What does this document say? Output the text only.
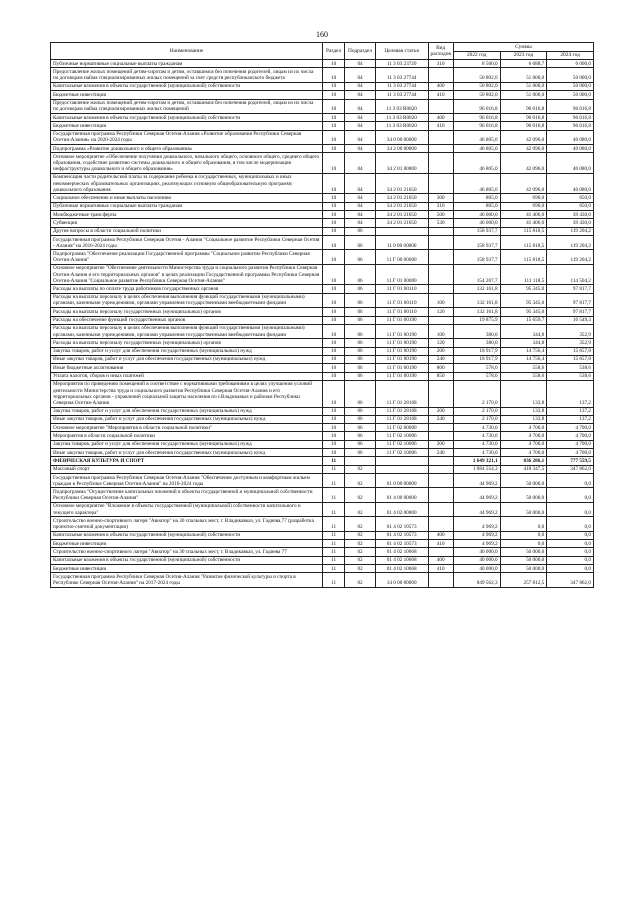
160
Наименование	Раздел	Подраздел	Целевая статья	Вид расходов	Суммы		
					2022 год	2023 год	2024 год
Публичные нормативные социальные выплаты гражданам	10	04	11 3 03 23720	310	8 500,0	6 688,7	6 000,0
Предоставление жилых помещений детям-сиротам и детям, оставшимся без попечения родителей, лицам из их числа по договорам найма специализированных жилых помещений за счет средств республиканского бюджета	10	04	11 3 03 27744		50 802,0	51 000,0	50 000,0
Капитальные вложения в объекты государственной (муниципальной) собственности	10	04	11 3 03 27744	400	50 802,0	51 000,0	50 000,0
Бюджетные инвестиции	10	04	11 3 03 27744	410	50 802,0	51 000,0	50 000,0
Предоставление жилых помещений детям-сиротам и детям, оставшимся без попечения родителей, лицам из их числа по договорам найма специализированных жилых помещений	10	04	11 3 03 R0820		96 016,8	96 016,8	96 016,8
Капитальные вложения в объекты государственной (муниципальной) собственности	10	04	11 3 03 R0820	400	96 016,8	96 016,8	96 016,8
Бюджетные инвестиции	10	04	11 3 03 R0820	410	96 016,8	96 016,8	96 016,8
Государственная программа Республики Северная Осетия-Алания «Развитие образования Республики Северная Осетия-Алания» на 2020-2024 годы	10	04	34 0 00 00000		46 805,0	42 096,0	40 080,0
Подпрограмма «Развитие дошкольного и общего образования»	10	04	34 2 00 00000		46 805,0	42 096,0	40 080,0
Основное мероприятие «Обеспечение получения дошкольного, начального общего, основного общего, среднего общего образования, содействие развитию системы дошкольного и общего образования, в том числе модернизация инфраструктуры дошкольного и общего образования»	10	04	34 2 01 00000		46 805,0	42 096,0	40 080,0
Компенсация части родительской платы за содержание ребенка в государственных, муниципальных и иных некоммерческих образовательных организациях, реализующих основную общеобразовательную программу дошкольного образования	10	04	34 2 01 21650		46 805,0	42 096,0	40 080,0
Социальное обеспечение и иные выплаты населению	10	04	34 2 01 21650	300	805,0	690,0	650,0
Публичные нормативные социальные выплаты гражданам	10	04	34 2 01 21650	310	805,0	690,0	650,0
Межбюджетные трансферты	10	04	34 2 01 21650	500	46 000,0	41 406,0	39 430,0
Субвенции	10	04	34 2 01 21650	530	46 000,0	41 406,0	39 430,0
Другие вопросы в области социальной политики	10	06			158 937,7	115 818,5	119 204,2
Государственная программа Республики Северная Осетия - Алания "Социальное развитие Республики Северная Осетия - Алания" на 2016-2024 годы	10	06	11 0 00 00000		158 937,7	115 818,5	119 204,2
Подпрограмма "Обеспечение реализации Государственной программы "Социальное развитие Республики Северная Осетия-Алания"	10	06	11 Г 00 00000		158 937,7	115 818,5	119 204,2
Основное мероприятие "Обеспечение деятельности Министерства труда и социального развития Республики Северная Осетия-Алания и его территориальных органов" в целях реализации Государственной программы Республики Северная Осетия-Алания "Социальное развитие Республики Северная Осетия-Алания"	10	06	11 Г 01 00000		154 207,7	111 118,5	114 504,2
Расходы на выплаты по оплате труда работников государственных органов	10	06	11 Г 01 00110		132 161,8	95 345,0	97 817,7
Расходы на выплаты персоналу в целях обеспечения выполнения функций государственными (муниципальными) органами, казенными учреждениями, органами управления государственными внебюджетными фондами	10	06	11 Г 01 00110	100	132 161,8	95 345,0	97 817,7
Расходы на выплаты персоналу государственных (муниципальных) органов	10	06	11 Г 01 00110	120	132 161,8	95 345,0	97 817,7
Расходы на обеспечение функций государственных органов	10	06	11 Г 01 00190		19 875,9	15 659,7	16 549,3
Расходы на выплаты персоналу в целях обеспечения выполнения функций государственными (муниципальными) органами, казенными учреждениями, органами управления государственными внебюджетными фондами	10	06	11 Г 01 00190	100	380,0	344,8	352,9
Расходы на выплаты персоналу государственных (муниципальных) органов	10	06	11 Г 01 00190	120	380,0	344,8	352,9
Закупка товаров, работ и услуг для обеспечения государственных (муниципальных) нужд	10	06	11 Г 01 00190	200	18 917,9	14 756,4	15 657,8
Иные закупки товаров, работ и услуг для обеспечения государственных (муниципальных) нужд	10	06	11 Г 01 00190	240	18 917,9	14 756,4	15 657,8
Иные бюджетные ассигнования	10	06	11 Г 01 00190	800	578,0	558,6	538,6
Уплата налогов, сборов и иных платежей	10	06	11 Г 01 00190	850	578,0	558,6	538,6
Мероприятия по приведению помещений в соответствие с нормативными требованиями в целях улучшения условий деятельности Министерства труда и социального развития Республики Северная Осетия-Алания и его территориальных органов - управлений социальной защиты населения по г.Владикавказ и районам Республики Северная Осетия-Алания	10	06	11 Г 01 28168		2 170,0	133,8	137,2
Закупка товаров, работ и услуг для обеспечения государственных (муниципальных) нужд	10	06	11 Г 01 28168	200	2 170,0	133,8	137,2
Иные закупки товаров, работ и услуг для обеспечения государственных (муниципальных) нужд	10	06	11 Г 01 28168	240	2 170,0	133,8	137,2
Основное мероприятие "Мероприятия в области социальной политики"	10	06	11 Г 02 00000		4 730,0	4 700,0	4 700,0
Мероприятия в области социальной политики	10	06	11 Г 02 10006		4 730,0	4 700,0	4 700,0
Закупка товаров, работ и услуг для обеспечения государственных (муниципальных) нужд	10	06	11 Г 02 10006	200	4 730,0	4 700,0	4 700,0
Иные закупки товаров, работ и услуг для обеспечения государственных (муниципальных) нужд	10	06	11 Г 02 10006	240	4 730,0	4 700,0	4 700,0
ФИЗИЧЕСКАЯ КУЛЬТУРА И СПОРТ	11				1 649 321,1	836 286,1	777 559,5
Массовый спорт	11	02			1 084 554,3	418 347,5	347 862,0
Государственная программа Республики Северная Осетия-Алания "Обеспечение доступным и комфортным жильем граждан в Республике Северная Осетия-Алания" на 2016-2024 годы	11	02	01 0 00 00000		44 969,2	50 000,0	0,0
Подпрограмма "Осуществление капитальных вложений в объекты государственной и муниципальной собственности Республики Северная Осетия-Алания"	11	02	01 4 00 00000		44 969,2	50 000,0	0,0
Основное мероприятие "Вложение в объекты государственной (муниципальной) собственности капитального и текущего характера"	11	02	01 4 02 00000		44 969,2	50 000,0	0,0
Строительство военно-спортивного лагеря "Авиатор" на 30 спальных мест, г. Владикавказ, ул. Гадиева,77 (разработка проектно-сметной документации)	11	02	01 4 02 10573		4 969,2	0,0	0,0
Капитальные вложения в объекты государственной (муниципальной) собственности	11	02	01 4 02 10573	400	4 969,2	0,0	0,0
Бюджетные инвестиции	11	02	01 4 02 10573	410	4 969,2	0,0	0,0
Строительство военно-спортивного лагеря "Авиатор" на 30 спальных мест, г. Владикавказ, ул. Гадиева 77	11	02	01 4 02 10668		40 000,0	50 000,0	0,0
Капитальные вложения в объекты государственной (муниципальной) собственности	11	02	01 4 02 10668	400	40 000,0	50 000,0	0,0
Бюджетные инвестиции	11	02	01 4 02 10668	410	40 000,0	50 000,0	0,0
Государственная программа Республики Северная Осетия-Алания "Развитие физической культуры и спорта в Республике Северная Осетия-Алания" на 2017-2024 годы	11	02	14 0 00 00000		849 562,3	257 812,5	347 862,0
